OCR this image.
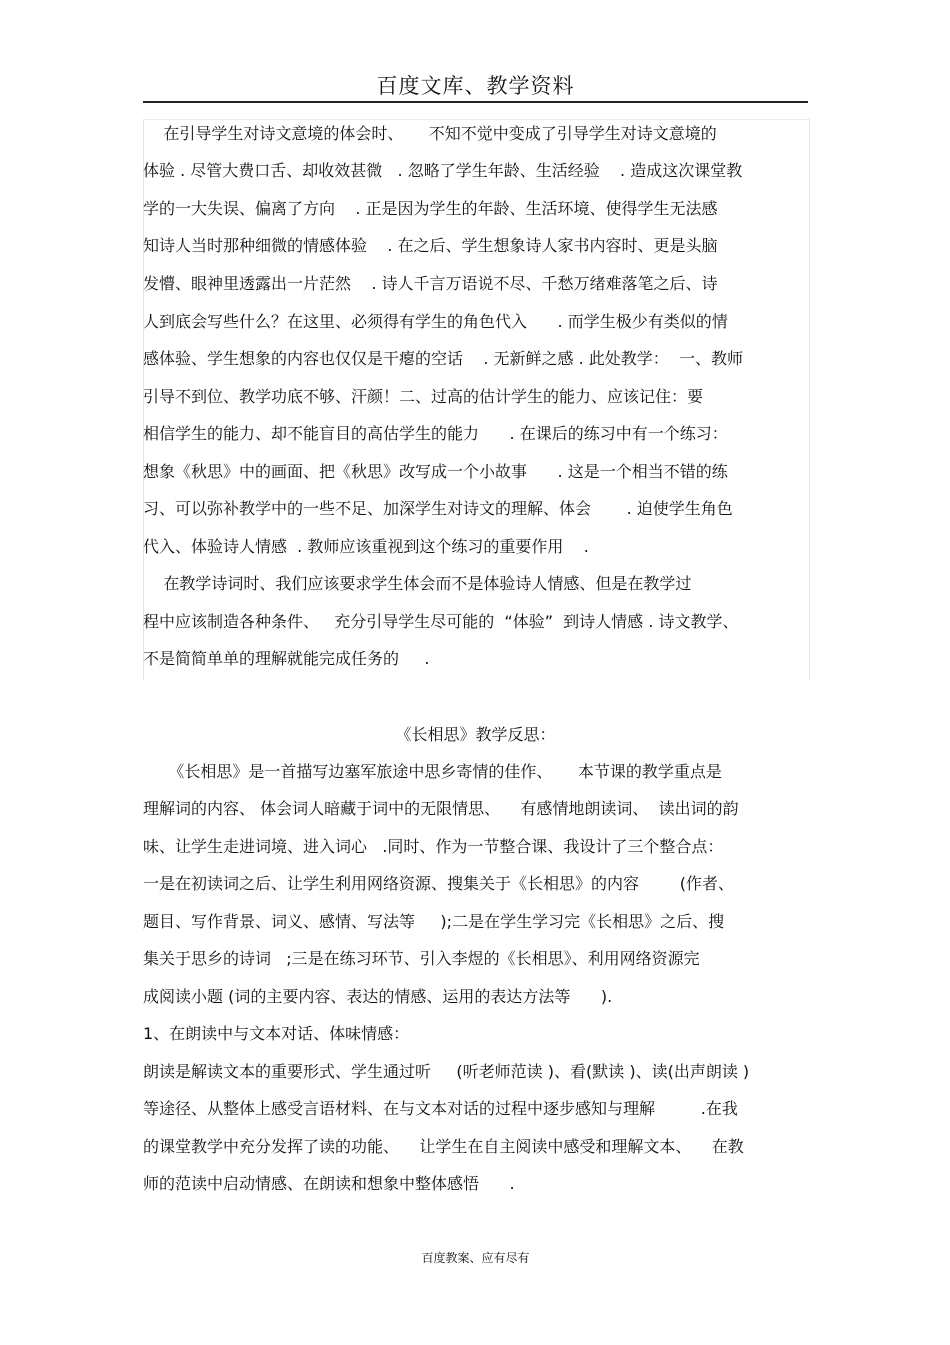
百度文库、教学资料
在引导学生对诗文意境的体会时、     不知不觉中变成了引导学生对诗文意境的
体验 . 尽管大费口舌、却收效甚微   . 忽略了学生年龄、生活经验    . 造成这次课堂教
学的一大失误、偏离了方向    . 正是因为学生的年龄、生活环境、使得学生无法感
知诗人当时那种细微的情感体验    . 在之后、学生想象诗人家书内容时、更是头脑
发懵、眼神里透露出一片茫然    . 诗人千言万语说不尽、千愁万绪难落笔之后、诗
人到底会写些什么？在这里、必须得有学生的角色代入      . 而学生极少有类似的情
感体验、学生想象的内容也仅仅是干瘪的空话    . 无新鲜之感 . 此处教学：  一、教师
引导不到位、教学功底不够、汗颜！二、过高的估计学生的能力、应该记住：要
相信学生的能力、却不能盲目的高估学生的能力      . 在课后的练习中有一个练习：
想象《秋思》中的画面、把《秋思》改写成一个小故事      . 这是一个相当不错的练
习、可以弥补教学中的一些不足、加深学生对诗文的理解、体会       . 迫使学生角色
代入、体验诗人情感  . 教师应该重视到这个练习的重要作用    .
在教学诗词时、我们应该要求学生体会而不是体验诗人情感、但是在教学过
程中应该制造各种条件、   充分引导学生尽可能的  “体验”  到诗人情感 . 诗文教学、
不是简简单单的理解就能完成任务的     .
《长相思》教学反思：
《长相思》是一首描写边塞军旅途中思乡寄情的佳作、     本节课的教学重点是
理解词的内容、 体会词人暗藏于词中的无限情思、    有感情地朗读词、  读出词的韵
味、让学生走进词境、进入词心   .同时、作为一节整合课、我设计了三个整合点：
一是在初读词之后、让学生利用网络资源、搜集关于《长相思》的内容        (作者、
题目、写作背景、词义、感情、写法等     );二是在学生学习完《长相思》之后、搜
集关于思乡的诗词   ;三是在练习环节、引入李煜的《长相思》、利用网络资源完
成阅读小题 (词的主要内容、表达的情感、运用的表达方法等      ).
1、在朗读中与文本对话、体味情感：
朗读是解读文本的重要形式、学生通过听     (听老师范读 )、看(默读 )、读(出声朗读 )
等途径、从整体上感受言语材料、在与文本对话的过程中逐步感知与理解         .在我
的课堂教学中充分发挥了读的功能、    让学生在自主阅读中感受和理解文本、    在教
师的范读中启动情感、在朗读和想象中整体感悟      .
百度教案、应有尽有
